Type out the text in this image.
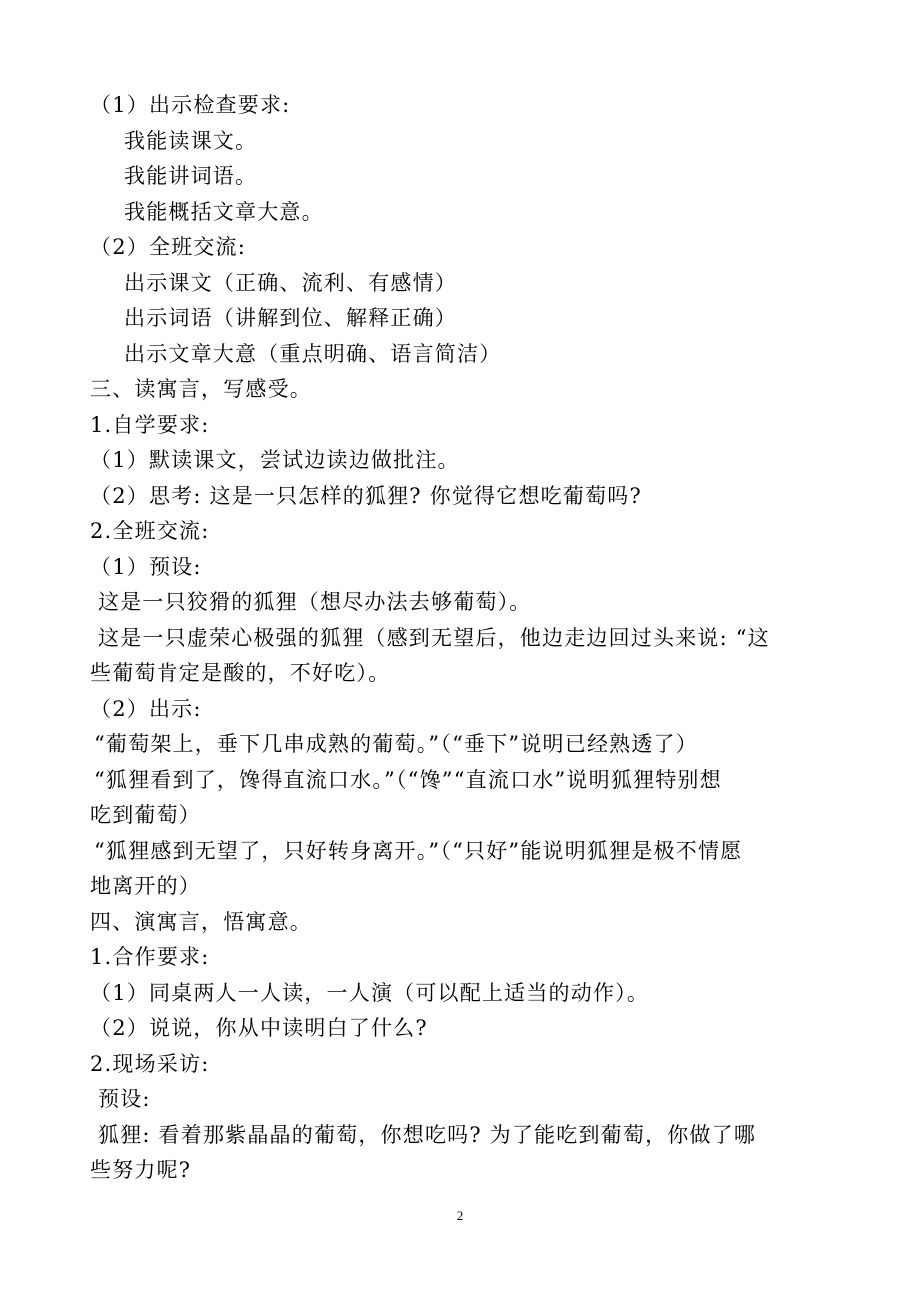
（1）出示检查要求:
我能读课文。
我能讲词语。
我能概括文章大意。
（2）全班交流:
出示课文（正确、流利、有感情）
出示词语（讲解到位、解释正确）
出示文章大意（重点明确、语言简洁）
三、读寓言，写感受。
1.自学要求:
（1）默读课文，尝试边读边做批注。
（2）思考: 这是一只怎样的狐狸? 你觉得它想吃葡萄吗?
2.全班交流:
（1）预设:
这是一只狡猾的狐狸（想尽办法去够葡萄）。
这是一只虚荣心极强的狐狸（感到无望后，他边走边回过头来说: “这
些葡萄肯定是酸的，不好吃）。
（2）出示:
“葡萄架上，垂下几串成熟的葡萄。”（“垂下”说明已经熟透了）
“狐狸看到了，馋得直流口水。”（“馋”“直流口水”说明狐狸特别想
吃到葡萄）
“狐狸感到无望了，只好转身离开。”（“只好”能说明狐狸是极不情愿
地离开的）
四、演寓言，悟寓意。
1.合作要求:
（1）同桌两人一人读，一人演（可以配上适当的动作）。
（2）说说，你从中读明白了什么?
2.现场采访:
预设:
狐狸: 看着那紫晶晶的葡萄，你想吃吗? 为了能吃到葡萄，你做了哪
些努力呢?
2
